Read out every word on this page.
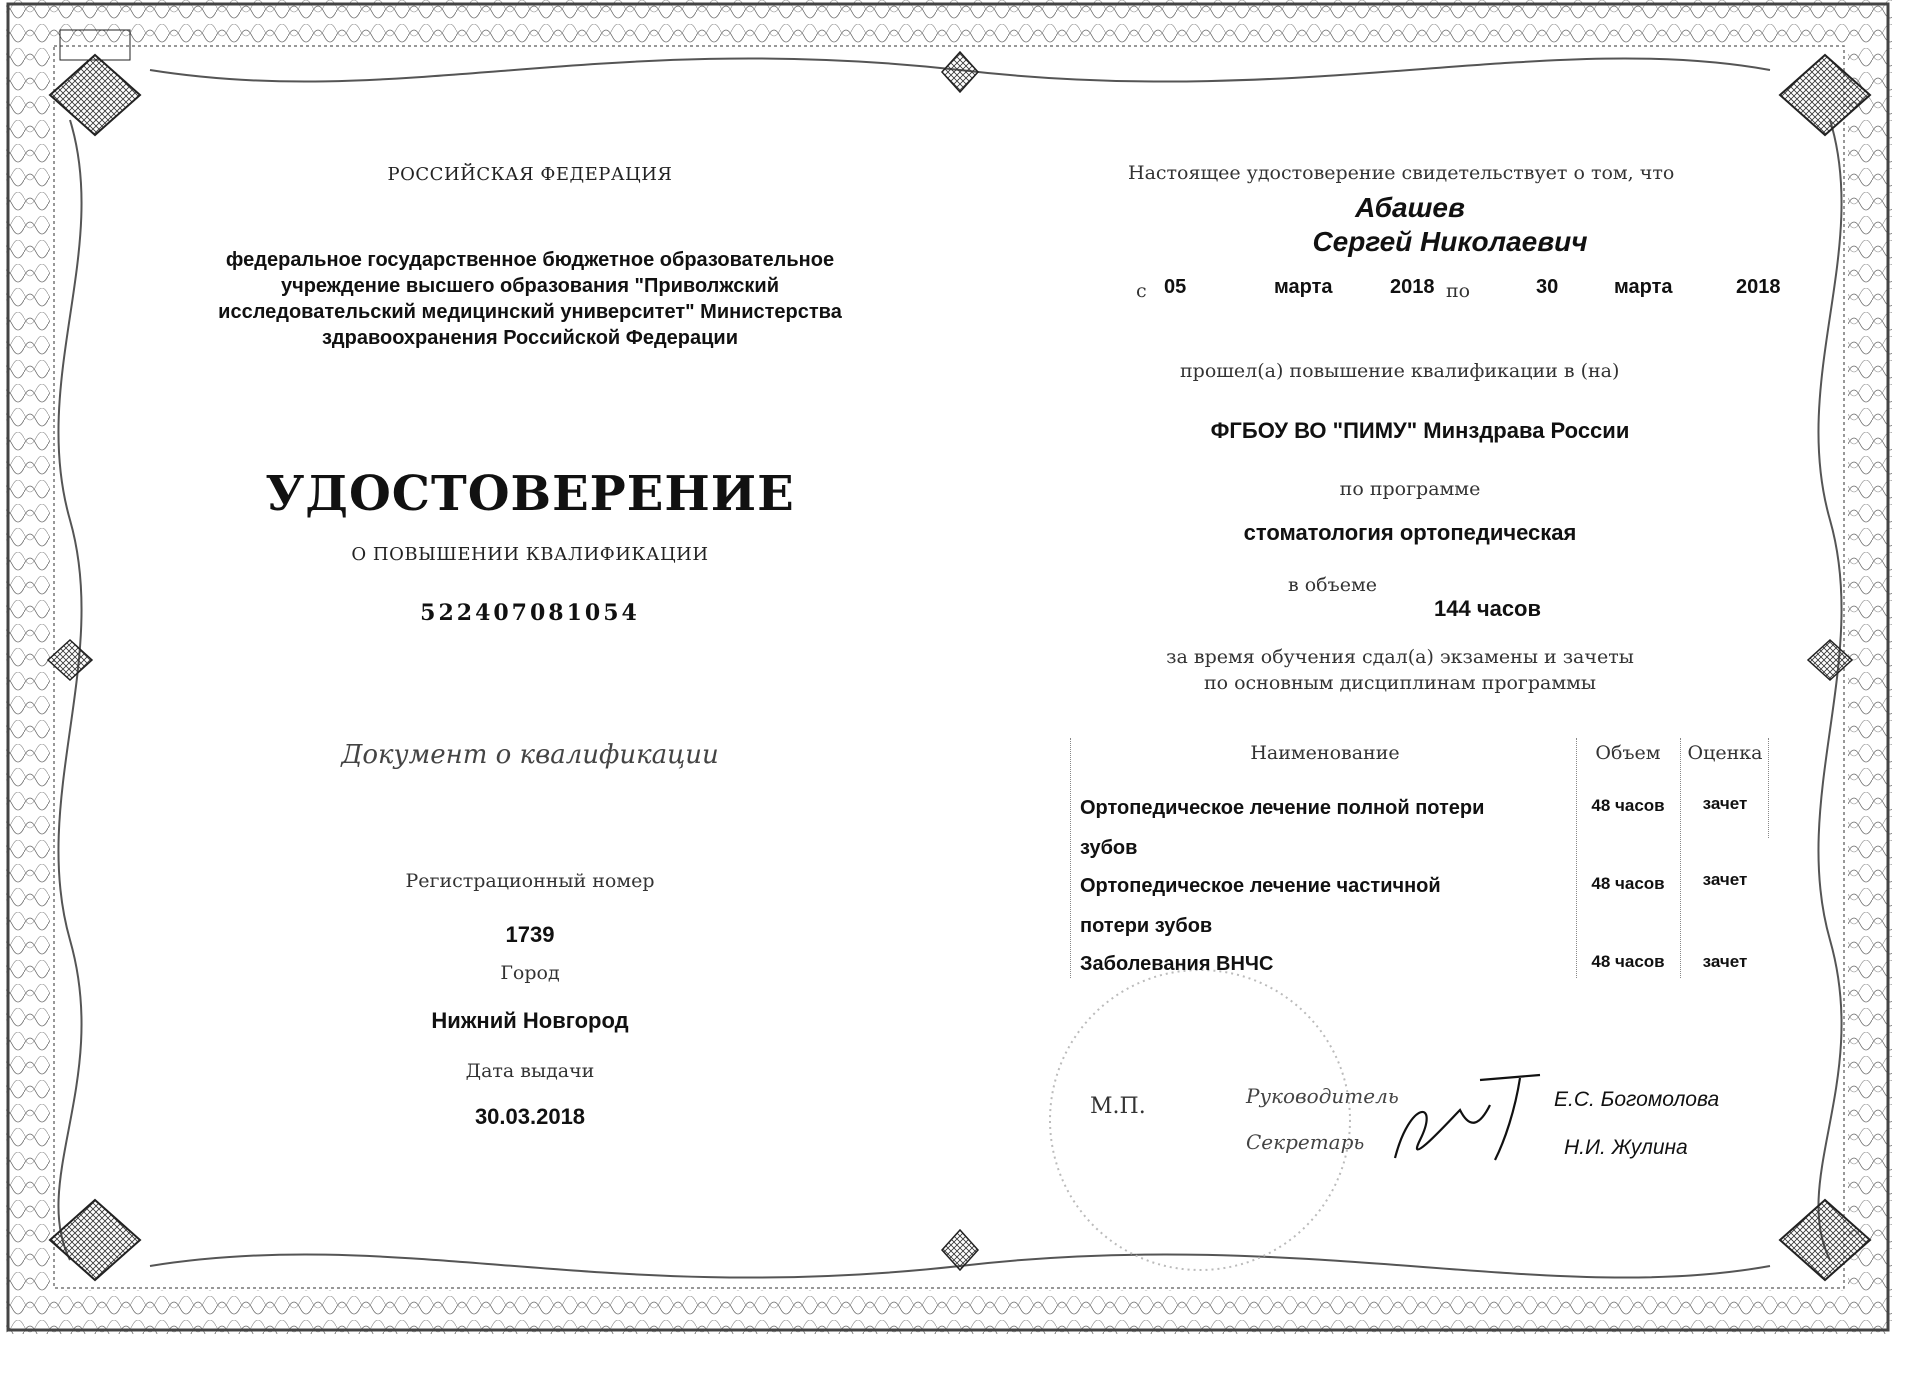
РОССИЙСКАЯ ФЕДЕРАЦИЯ
федеральное государственное бюджетное образовательное
учреждение высшего образования "Приволжский
исследовательский медицинский университет" Министерства
здравоохранения Российской Федерации
УДОСТОВЕРЕНИЕ
О ПОВЫШЕНИИ КВАЛИФИКАЦИИ
522407081054
Документ о квалификации
Регистрационный номер
1739
Город
Нижний Новгород
Дата выдачи
30.03.2018
Настоящее удостоверение свидетельствует о том, что
Абашев
Сергей Николаевич
с 05	марта	2018 по	30	марта	2018
прошел(а) повышение квалификации в (на)
ФГБОУ ВО "ПИМУ" Минздрава России
по программе
стоматология ортопедическая
в объеме
144 часов
за время обучения сдал(а) экзамены и зачеты
по основным дисциплинам программы
Наименование	Объем	Оценка
Ортопедическое лечение полной потери
зубов
48 часов	зачет
Ортопедическое лечение частичной
потери зубов
48 часов	зачет
Заболевания ВНЧС	48 часов	зачет
М.П.	Руководитель
Секретарь
Е.С. Богомолова
Н.И. Жулина
